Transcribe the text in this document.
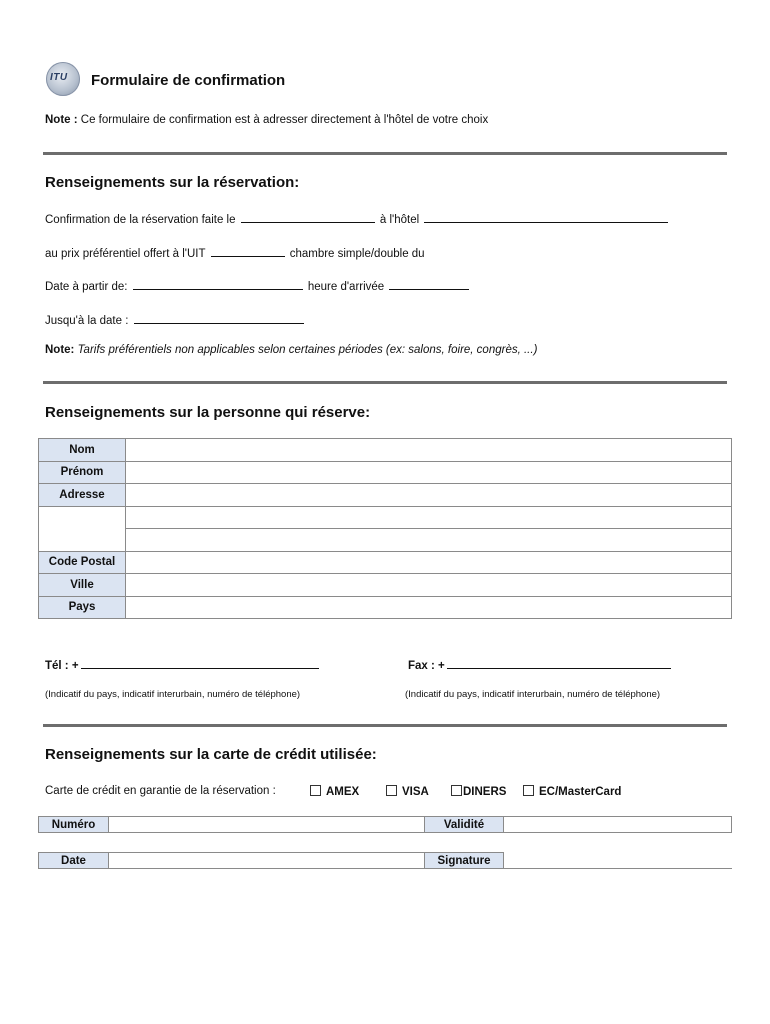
ITU Formulaire de confirmation
Note : Ce formulaire de confirmation est à adresser directement à l'hôtel de votre choix
Renseignements sur la réservation:
Confirmation de la réservation faite le	à l'hôtel
au prix préférentiel offert à l'UIT	chambre simple/double du
Date à partir de:	heure d'arrivée
Jusqu'à la date :
Note: Tarifs préférentiels non applicables selon certaines périodes (ex: salons, foire, congrès, ...)
Renseignements sur la personne qui réserve:
Nom	
Prénom	
Adresse	

Code Postal	
Ville	
Pays	
Tél : +	Fax : +
(Indicatif du pays, indicatif interurbain, numéro de téléphone)	(Indicatif du pays, indicatif interurbain, numéro de téléphone)
Renseignements sur la carte de crédit utilisée:
Carte de crédit en garantie de la réservation :	AMEX	VISA	DINERS	EC/MasterCard
Numéro	Validité
Date	Signature
